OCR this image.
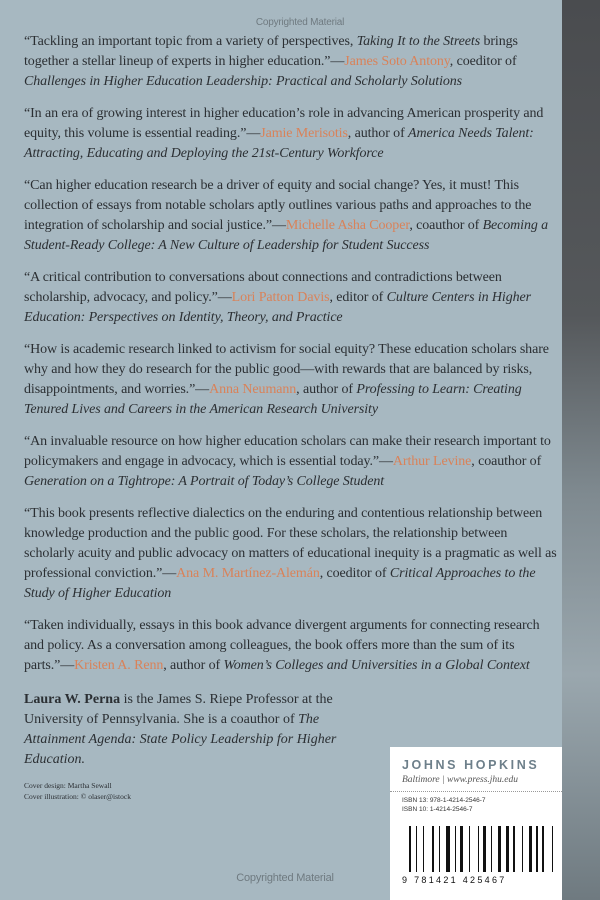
Copyrighted Material

“Tackling an important topic from a variety of perspectives, Taking It to the Streets brings together a stellar lineup of experts in higher education.”—James Soto Antony, coeditor of Challenges in Higher Education Leadership: Practical and Scholarly Solutions

“In an era of growing interest in higher education’s role in advancing American prosperity and equity, this volume is essential reading.”—Jamie Merisotis, author of America Needs Talent: Attracting, Educating and Deploying the 21st-Century Workforce

“Can higher education research be a driver of equity and social change? Yes, it must! This collection of essays from notable scholars aptly outlines various paths and approaches to the integration of scholarship and social justice.”—Michelle Asha Cooper, coauthor of Becoming a Student-Ready College: A New Culture of Leadership for Student Success

“A critical contribution to conversations about connections and contradictions between scholarship, advocacy, and policy.”—Lori Patton Davis, editor of Culture Centers in Higher Education: Perspectives on Identity, Theory, and Practice

“How is academic research linked to activism for social equity? These education scholars share why and how they do research for the public good—with rewards that are balanced by risks, disappointments, and worries.”—Anna Neumann, author of Professing to Learn: Creating Tenured Lives and Careers in the American Research University

“An invaluable resource on how higher education scholars can make their research important to policymakers and engage in advocacy, which is essential today.”—Arthur Levine, coauthor of Generation on a Tightrope: A Portrait of Today’s College Student

“This book presents reflective dialectics on the enduring and contentious relationship between knowledge production and the public good. For these scholars, the relationship between scholarly acuity and public advocacy on matters of educational inequity is a pragmatic as well as professional conviction.”—Ana M. Martínez-Alemán, coeditor of Critical Approaches to the Study of Higher Education

“Taken individually, essays in this book advance divergent arguments for connecting research and policy. As a conversation among colleagues, the book offers more than the sum of its parts.”—Kristen A. Renn, author of Women’s Colleges and Universities in a Global Context

Laura W. Perna is the James S. Riepe Professor at the University of Pennsylvania. She is a coauthor of The Attainment Agenda: State Policy Leadership for Higher Education.

Cover design: Martha Sewall
Cover illustration: © olaser@istock
Copyrighted Material
JOHNS HOPKINS
Baltimore | www.press.jhu.edu
ISBN 13: 978-1-4214-2546-7
ISBN 10: 1-4214-2546-7
9 781421 425467
